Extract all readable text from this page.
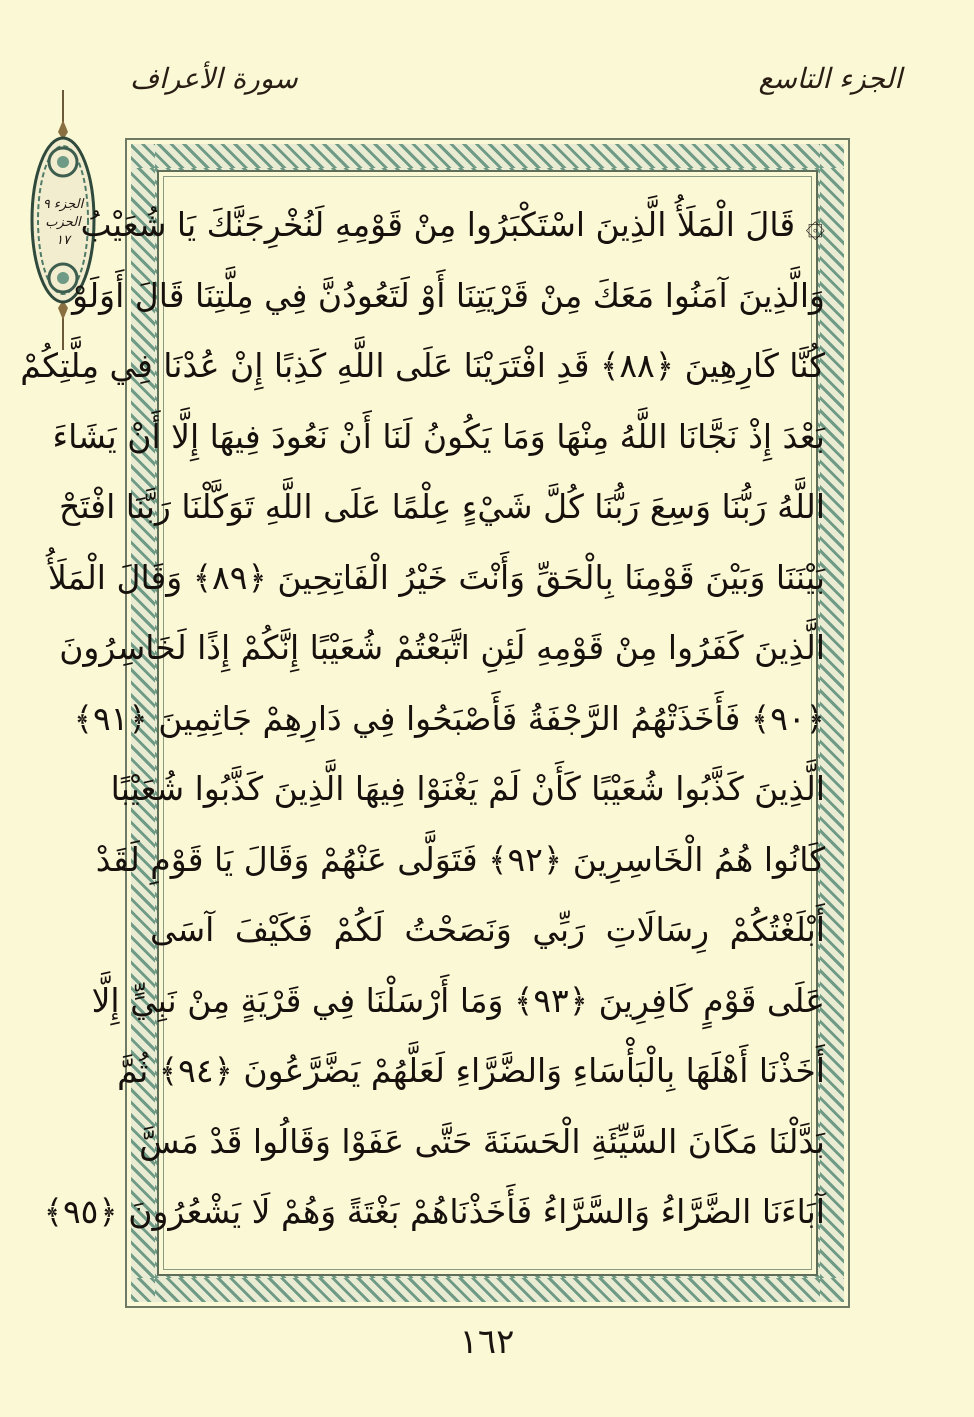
الجزء التاسع
سورة الأعراف
الجزء ٩
الحزب ١٧ ۞ قَالَ الْمَلَأُ الَّذِينَ اسْتَكْبَرُوا مِنْ قَوْمِهِ لَنُخْرِجَنَّكَ يَا شُعَيْبُ
وَالَّذِينَ آمَنُوا مَعَكَ مِنْ قَرْيَتِنَا أَوْ لَتَعُودُنَّ فِي مِلَّتِنَا قَالَ أَوَلَوْ
كُنَّا كَارِهِينَ ﴿٨٨﴾ قَدِ افْتَرَيْنَا عَلَى اللَّهِ كَذِبًا إِنْ عُدْنَا فِي مِلَّتِكُمْ
بَعْدَ إِذْ نَجَّانَا اللَّهُ مِنْهَا وَمَا يَكُونُ لَنَا أَنْ نَعُودَ فِيهَا إِلَّا أَنْ يَشَاءَ
اللَّهُ رَبُّنَا وَسِعَ رَبُّنَا كُلَّ شَيْءٍ عِلْمًا عَلَى اللَّهِ تَوَكَّلْنَا رَبَّنَا افْتَحْ
بَيْنَنَا وَبَيْنَ قَوْمِنَا بِالْحَقِّ وَأَنْتَ خَيْرُ الْفَاتِحِينَ ﴿٨٩﴾ وَقَالَ الْمَلَأُ
الَّذِينَ كَفَرُوا مِنْ قَوْمِهِ لَئِنِ اتَّبَعْتُمْ شُعَيْبًا إِنَّكُمْ إِذًا لَخَاسِرُونَ
﴿٩٠﴾ فَأَخَذَتْهُمُ الرَّجْفَةُ فَأَصْبَحُوا فِي دَارِهِمْ جَاثِمِينَ ﴿٩١﴾
الَّذِينَ كَذَّبُوا شُعَيْبًا كَأَنْ لَمْ يَغْنَوْا فِيهَا الَّذِينَ كَذَّبُوا شُعَيْبًا
كَانُوا هُمُ الْخَاسِرِينَ ﴿٩٢﴾ فَتَوَلَّى عَنْهُمْ وَقَالَ يَا قَوْمِ لَقَدْ
أَبْلَغْتُكُمْ رِسَالَاتِ رَبِّي وَنَصَحْتُ لَكُمْ فَكَيْفَ آسَى
عَلَى قَوْمٍ كَافِرِينَ ﴿٩٣﴾ وَمَا أَرْسَلْنَا فِي قَرْيَةٍ مِنْ نَبِيٍّ إِلَّا
أَخَذْنَا أَهْلَهَا بِالْبَأْسَاءِ وَالضَّرَّاءِ لَعَلَّهُمْ يَضَّرَّعُونَ ﴿٩٤﴾ ثُمَّ
بَدَّلْنَا مَكَانَ السَّيِّئَةِ الْحَسَنَةَ حَتَّى عَفَوْا وَقَالُوا قَدْ مَسَّ
آبَاءَنَا الضَّرَّاءُ وَالسَّرَّاءُ فَأَخَذْنَاهُمْ بَغْتَةً وَهُمْ لَا يَشْعُرُونَ ﴿٩٥﴾
١٦٢
